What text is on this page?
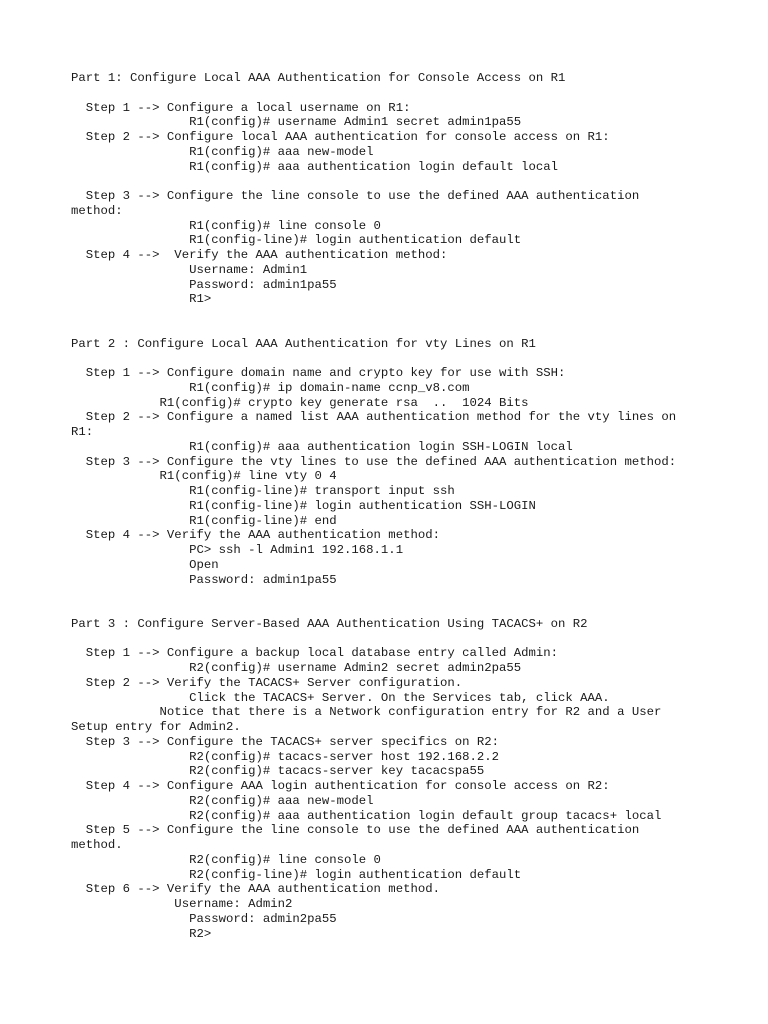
Part 1: Configure Local AAA Authentication for Console Access on R1
Step 1 --> Configure a local username on R1:
R1(config)# username Admin1 secret admin1pa55
Step 2 --> Configure local AAA authentication for console access on R1:
R1(config)# aaa new-model
R1(config)# aaa authentication login default local
Step 3 --> Configure the line console to use the defined AAA authentication
method:
R1(config)# line console 0
R1(config-line)# login authentication default
Step 4 -->  Verify the AAA authentication method:
Username: Admin1
Password: admin1pa55
R1>
Part 2 : Configure Local AAA Authentication for vty Lines on R1
Step 1 --> Configure domain name and crypto key for use with SSH:
R1(config)# ip domain-name ccnp_v8.com
R1(config)# crypto key generate rsa  ..  1024 Bits
Step 2 --> Configure a named list AAA authentication method for the vty lines on
R1:
R1(config)# aaa authentication login SSH-LOGIN local
Step 3 --> Configure the vty lines to use the defined AAA authentication method:
R1(config)# line vty 0 4
R1(config-line)# transport input ssh
R1(config-line)# login authentication SSH-LOGIN
R1(config-line)# end
Step 4 --> Verify the AAA authentication method:
PC> ssh -l Admin1 192.168.1.1
Open
Password: admin1pa55
Part 3 : Configure Server-Based AAA Authentication Using TACACS+ on R2
Step 1 --> Configure a backup local database entry called Admin:
R2(config)# username Admin2 secret admin2pa55
Step 2 --> Verify the TACACS+ Server configuration.
Click the TACACS+ Server. On the Services tab, click AAA.
Notice that there is a Network configuration entry for R2 and a User
Setup entry for Admin2.
Step 3 --> Configure the TACACS+ server specifics on R2:
R2(config)# tacacs-server host 192.168.2.2
R2(config)# tacacs-server key tacacspa55
Step 4 --> Configure AAA login authentication for console access on R2:
R2(config)# aaa new-model
R2(config)# aaa authentication login default group tacacs+ local
Step 5 --> Configure the line console to use the defined AAA authentication
method.
R2(config)# line console 0
R2(config-line)# login authentication default
Step 6 --> Verify the AAA authentication method.
Username: Admin2
Password: admin2pa55
R2>
